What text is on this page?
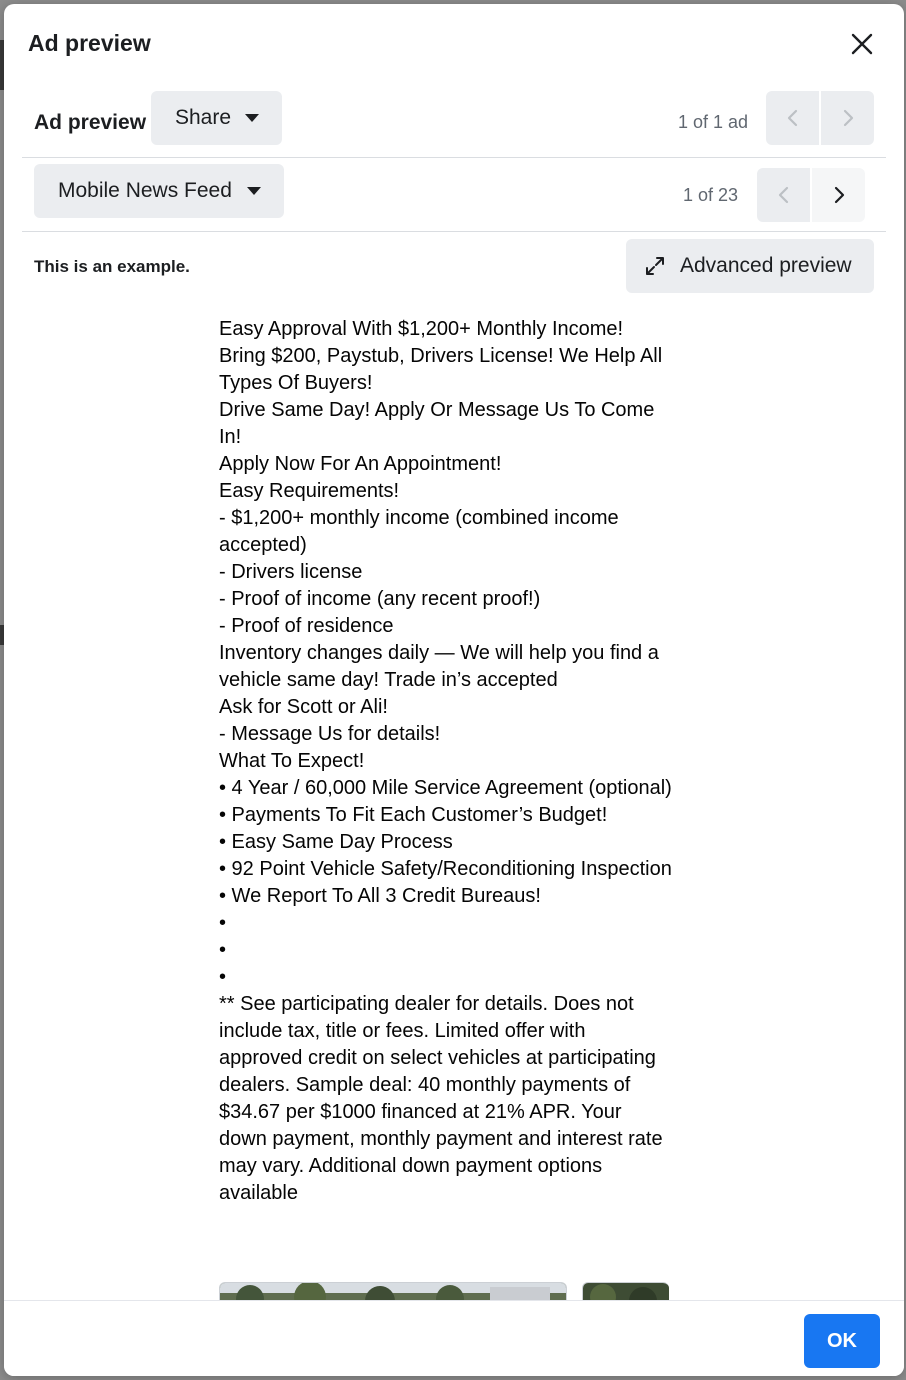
Ad preview
Ad preview Share	1 of 1 ad
Mobile News Feed	1 of 23
This is an example.	Advanced preview
Easy Approval With $1,200+ Monthly Income!
Bring $200, Paystub, Drivers License! We Help All Types Of Buyers!
Drive Same Day! Apply Or Message Us To Come In!
Apply Now For An Appointment!
Easy Requirements!
- $1,200+ monthly income (combined income accepted)
- Drivers license
- Proof of income (any recent proof!)
- Proof of residence
Inventory changes daily — We will help you find a vehicle same day! Trade in’s accepted
Ask for Scott or Ali!
- Message Us for details!
What To Expect!
• 4 Year / 60,000 Mile Service Agreement (optional)
• Payments To Fit Each Customer’s Budget!
• Easy Same Day Process
• 92 Point Vehicle Safety/Reconditioning Inspection
• We Report To All 3 Credit Bureaus!
•
•
•
** See participating dealer for details. Does not include tax, title or fees. Limited offer with approved credit on select vehicles at participating dealers. Sample deal: 40 monthly payments of $34.67 per $1000 financed at 21% APR. Your down payment, monthly payment and interest rate may vary. Additional down payment options available
OK
